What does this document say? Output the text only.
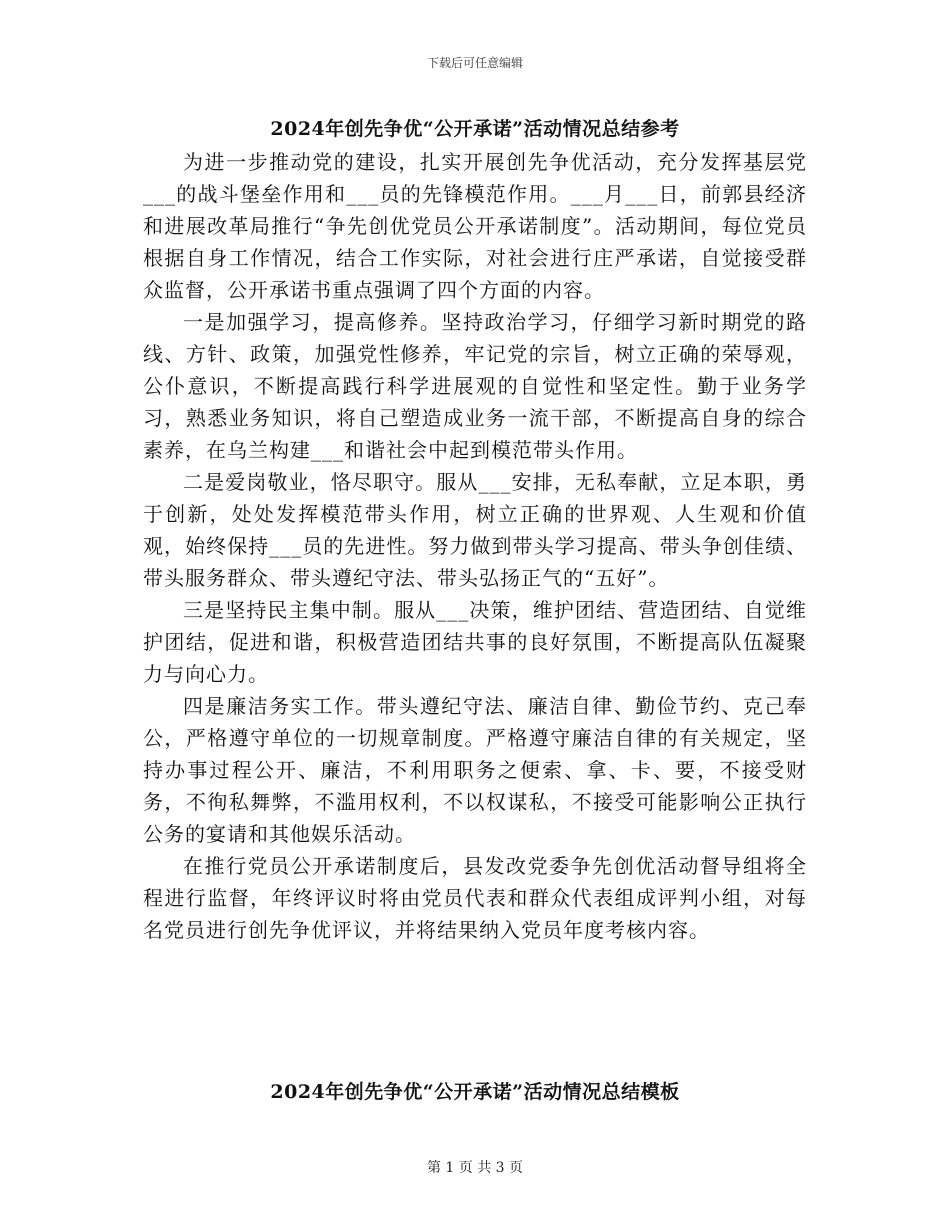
下载后可任意编辑
2024年创先争优“公开承诺”活动情况总结参考

为进一步推动党的建设，扎实开展创先争优活动，充分发挥基层党___的战斗堡垒作用和___员的先锋模范作用。___月___日，前郭县经济和进展改革局推行“争先创优党员公开承诺制度”。活动期间，每位党员根据自身工作情况，结合工作实际，对社会进行庄严承诺，自觉接受群众监督，公开承诺书重点强调了四个方面的内容。

一是加强学习，提高修养。坚持政治学习，仔细学习新时期党的路线、方针、政策，加强党性修养，牢记党的宗旨，树立正确的荣辱观，公仆意识，不断提高践行科学进展观的自觉性和坚定性。勤于业务学习，熟悉业务知识，将自己塑造成业务一流干部，不断提高自身的综合素养，在乌兰构建___和谐社会中起到模范带头作用。

二是爱岗敬业，恪尽职守。服从___安排，无私奉献，立足本职，勇于创新，处处发挥模范带头作用，树立正确的世界观、人生观和价值观，始终保持___员的先进性。努力做到带头学习提高、带头争创佳绩、带头服务群众、带头遵纪守法、带头弘扬正气的“五好”。

三是坚持民主集中制。服从___决策，维护团结、营造团结、自觉维护团结，促进和谐，积极营造团结共事的良好氛围，不断提高队伍凝聚力与向心力。

四是廉洁务实工作。带头遵纪守法、廉洁自律、勤俭节约、克己奉公，严格遵守单位的一切规章制度。严格遵守廉洁自律的有关规定，坚持办事过程公开、廉洁，不利用职务之便索、拿、卡、要，不接受财务，不徇私舞弊，不滥用权利，不以权谋私，不接受可能影响公正执行公务的宴请和其他娱乐活动。

在推行党员公开承诺制度后，县发改党委争先创优活动督导组将全程进行监督，年终评议时将由党员代表和群众代表组成评判小组，对每名党员进行创先争优评议，并将结果纳入党员年度考核内容。

2024年创先争优“公开承诺”活动情况总结模板
第 1 页 共 3 页
